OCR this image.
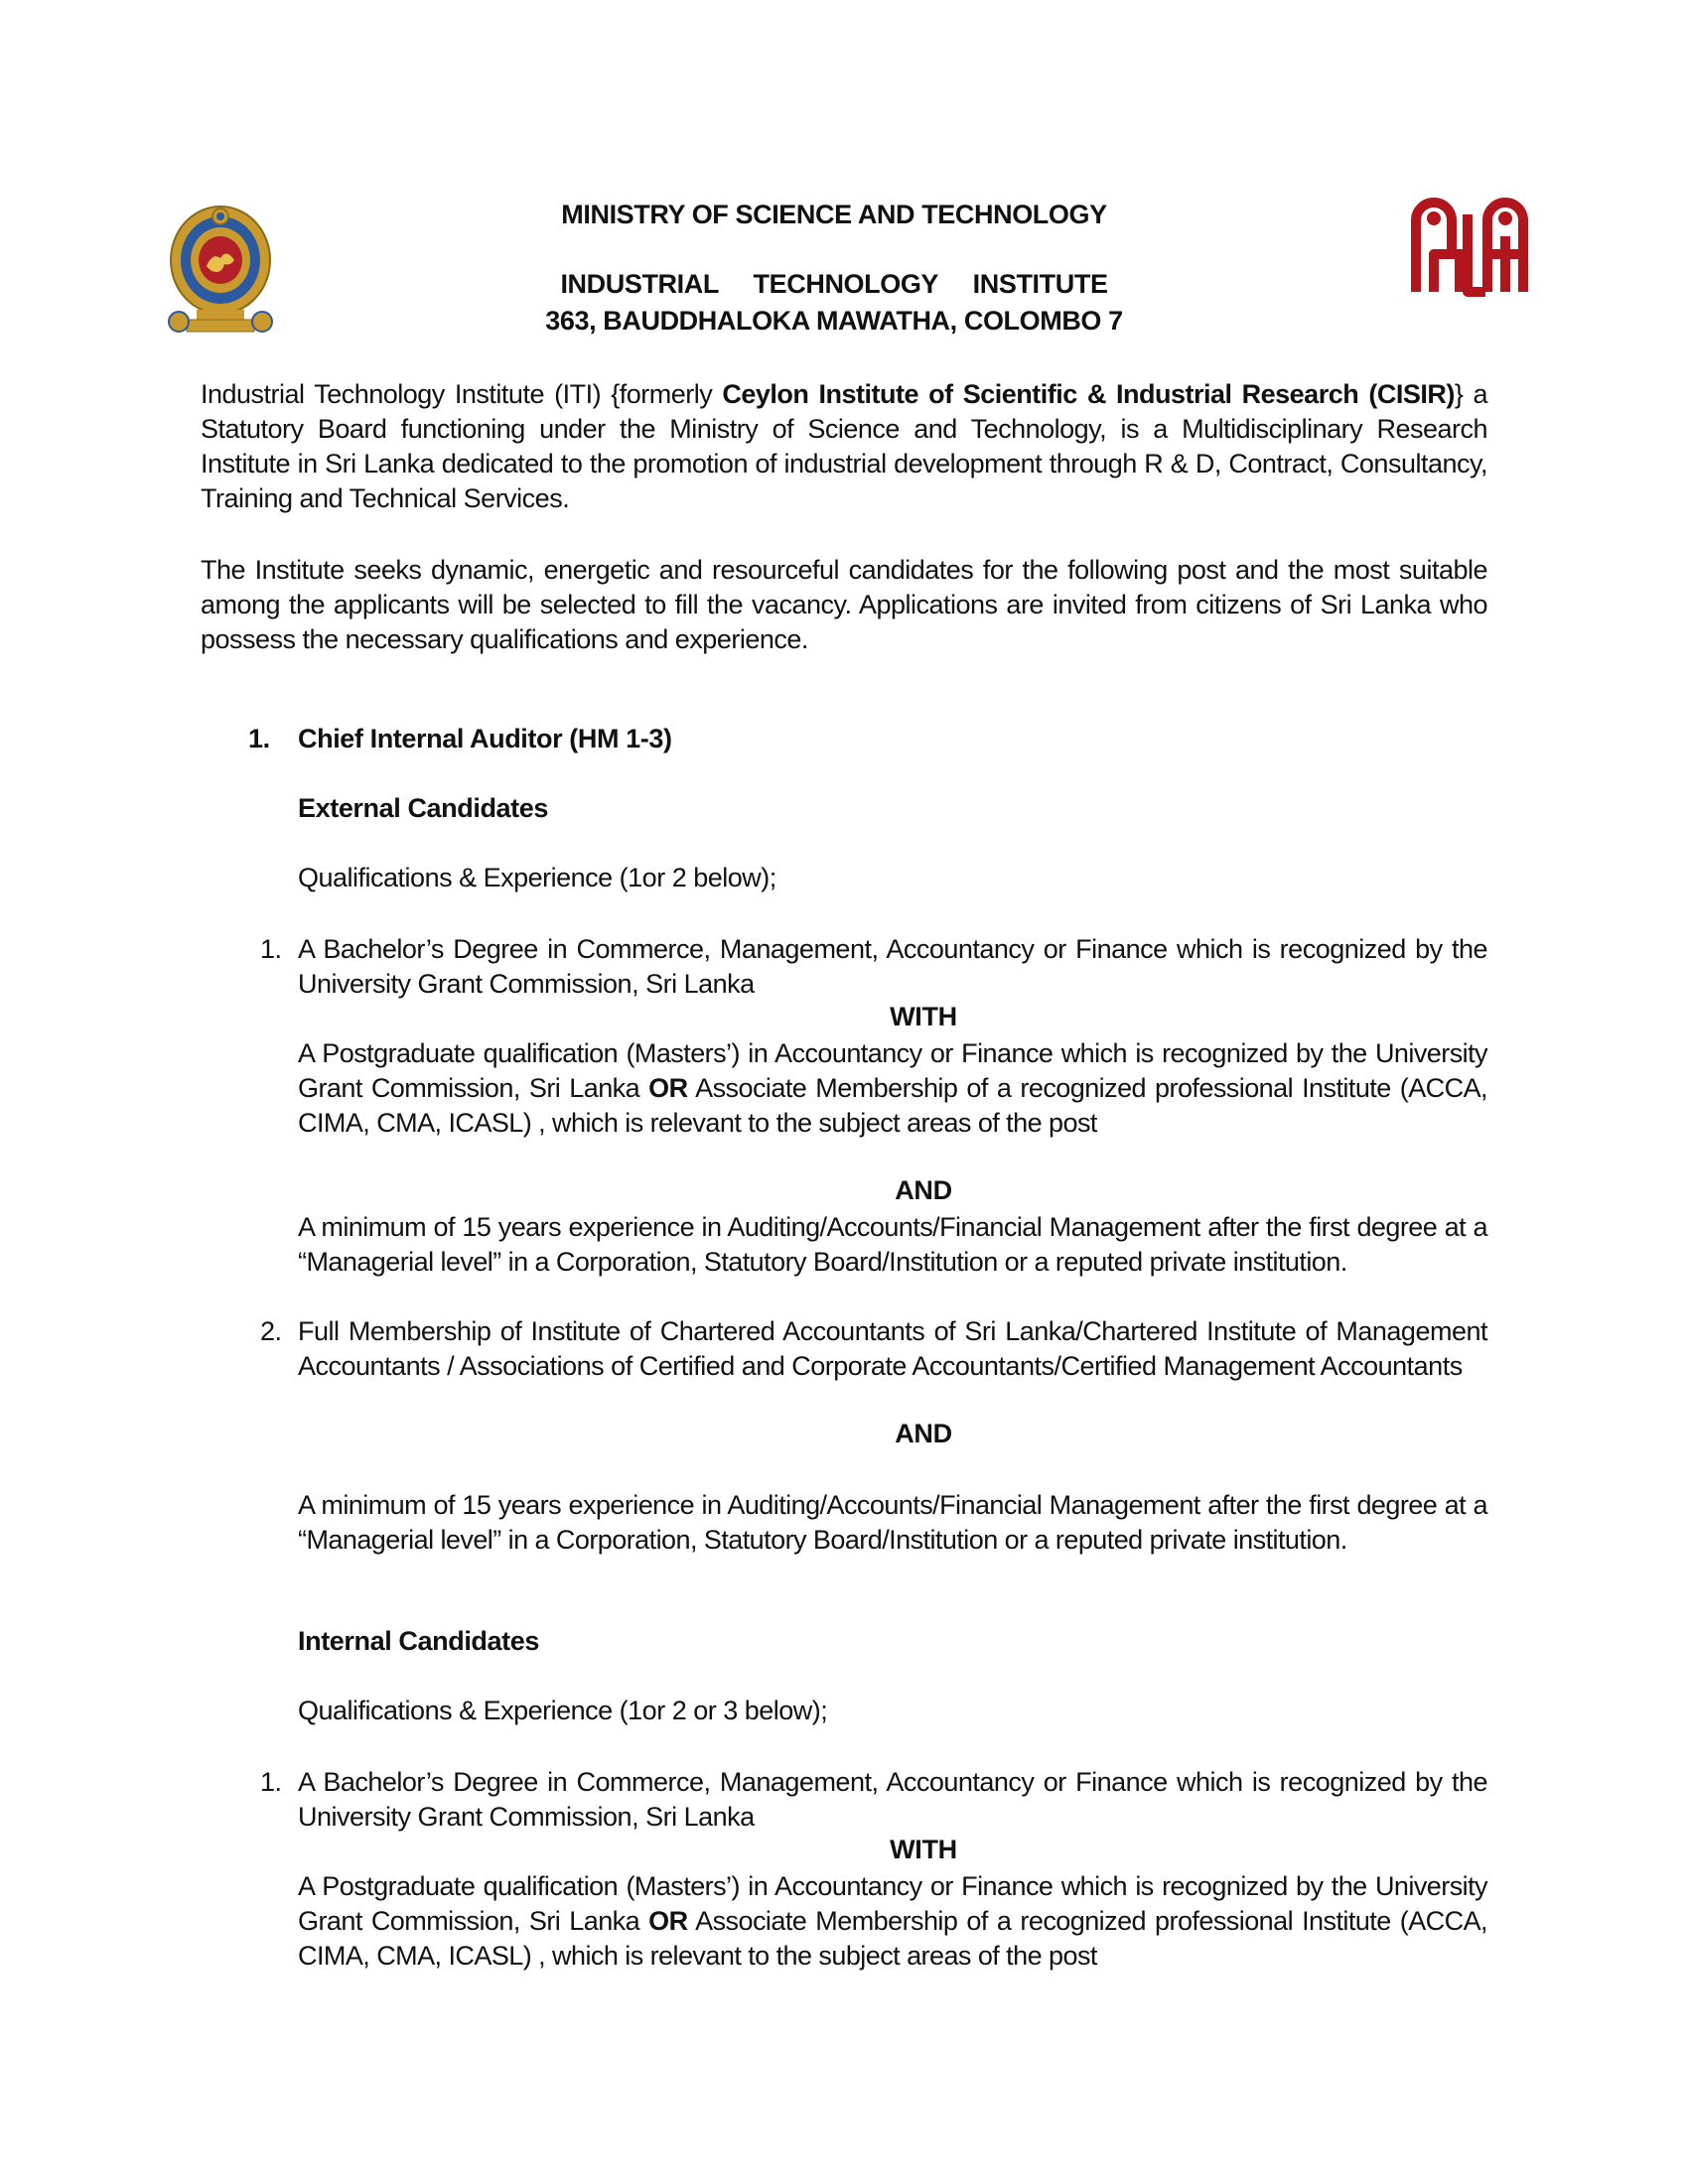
MINISTRY OF SCIENCE AND TECHNOLOGY
INDUSTRIAL TECHNOLOGY INSTITUTE
363, BAUDDHALOKA MAWATHA, COLOMBO 7
Industrial Technology Institute (ITI) {formerly Ceylon Institute of Scientific & Industrial Research (CISIR)} a Statutory Board functioning under the Ministry of Science and Technology, is a Multidisciplinary Research Institute in Sri Lanka dedicated to the promotion of industrial development through R & D, Contract, Consultancy, Training and Technical Services.
The Institute seeks dynamic, energetic and resourceful candidates for the following post and the most suitable among the applicants will be selected to fill the vacancy. Applications are invited from citizens of Sri Lanka who possess the necessary qualifications and experience.
1. Chief Internal Auditor (HM 1-3)
External Candidates
Qualifications & Experience (1or 2 below);
1. A Bachelor’s Degree in Commerce, Management, Accountancy or Finance which is recognized by the University Grant Commission, Sri Lanka
WITH
A Postgraduate qualification (Masters’) in Accountancy or Finance which is recognized by the University Grant Commission, Sri Lanka OR Associate Membership of a recognized professional Institute (ACCA, CIMA, CMA, ICASL) , which is relevant to the subject areas of the post
AND
A minimum of 15 years experience in Auditing/Accounts/Financial Management after the first degree at a “Managerial level” in a Corporation, Statutory Board/Institution or a reputed private institution.
2. Full Membership of Institute of Chartered Accountants of Sri Lanka/Chartered Institute of Management Accountants / Associations of Certified and Corporate Accountants/Certified Management Accountants
AND
A minimum of 15 years experience in Auditing/Accounts/Financial Management after the first degree at a “Managerial level” in a Corporation, Statutory Board/Institution or a reputed private institution.
Internal Candidates
Qualifications & Experience (1or 2 or 3 below);
1. A Bachelor’s Degree in Commerce, Management, Accountancy or Finance which is recognized by the University Grant Commission, Sri Lanka
WITH
A Postgraduate qualification (Masters’) in Accountancy or Finance which is recognized by the University Grant Commission, Sri Lanka OR Associate Membership of a recognized professional Institute (ACCA, CIMA, CMA, ICASL) , which is relevant to the subject areas of the post
